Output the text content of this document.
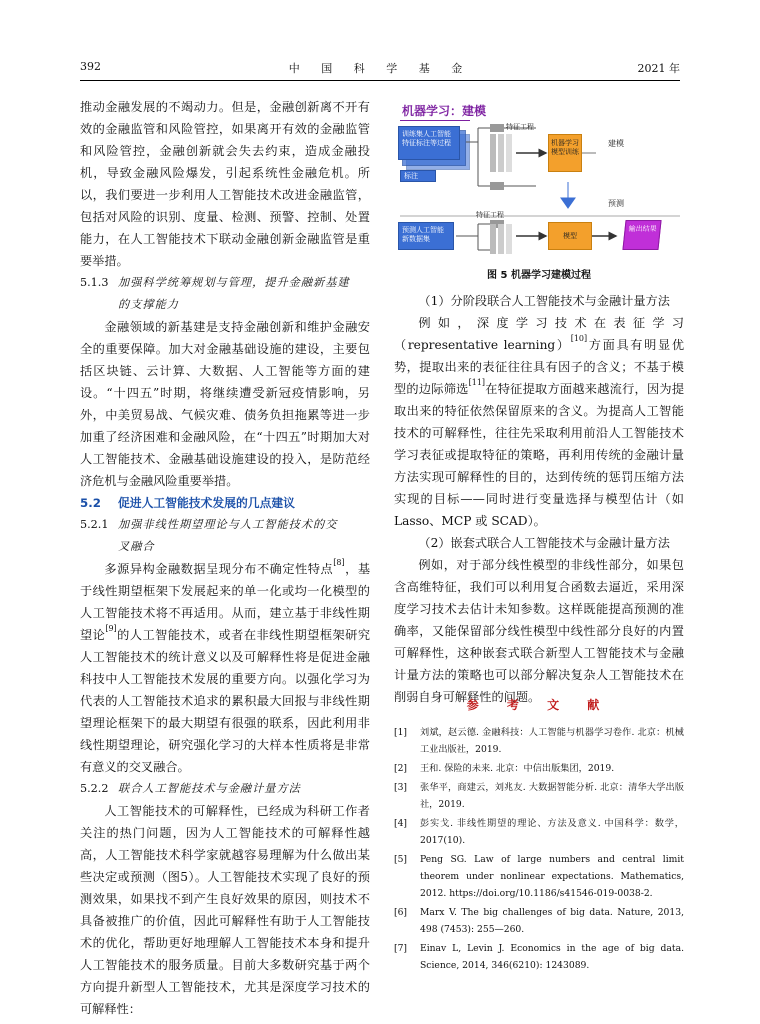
392	中 国 科 学 基 金	2021 年

推动金融发展的不竭动力。但是，金融创新离不开有效的金融监管和风险管控，如果离开有效的金融监管和风险管控，金融创新就会失去约束，造成金融投机，导致金融风险爆发，引起系统性金融危机。所以，我们要进一步利用人工智能技术改进金融监管，包括对风险的识别、度量、检测、预警、控制、处置能力，在人工智能技术下联动金融创新金融监管是重要举措。

5.1.3 加强科学统筹规划与管理，提升金融新基建
的支撑能力

金融领域的新基建是支持金融创新和维护金融安全的重要保障。加大对金融基础设施的建设，主要包括区块链、云计算、大数据、人工智能等方面的建设。“十四五”时期，将继续遭受新冠疫情影响，另外，中美贸易战、气候灾难、债务负担拖累等进一步加重了经济困难和金融风险，在“十四五”时期加大对人工智能技术、金融基础设施建设的投入，是防范经济危机与金融风险重要举措。

5.2 促进人工智能技术发展的几点建议
5.2.1 加强非线性期望理论与人工智能技术的交
叉融合

多源异构金融数据呈现分布不确定性特点[8]，基于线性期望框架下发展起来的单一化或均一化模型的人工智能技术将不再适用。从而，建立基于非线性期望论[9]的人工智能技术，或者在非线性期望框架研究人工智能技术的统计意义以及可解释性将是促进金融科技中人工智能技术发展的重要方向。以强化学习为代表的人工智能技术追求的累积最大回报与非线性期望理论框架下的最大期望有很强的联系，因此利用非线性期望理论，研究强化学习的大样本性质将是非常有意义的交叉融合。

5.2.2 联合人工智能技术与金融计量方法

人工智能技术的可解释性，已经成为科研工作者关注的热门问题，因为人工智能技术的可解释性越高，人工智能技术科学家就越容易理解为什么做出某些决定或预测（图5）。人工智能技术实现了良好的预测效果，如果找不到产生良好效果的原因，则技术不具备被推广的价值，因此可解释性有助于人工智能技术的优化，帮助更好地理解人工智能技术本身和提升人工智能技术的服务质量。目前大多数研究基于两个方向提升新型人工智能技术，尤其是深度学习技术的可解释性：

机器学习：建模
训练集人工智能特征标注等过程
标注
特征工程
机器学习模型训练
建模
预测
预测人工智能新数据集
特征工程
模型
输出结果
图 5 机器学习建模过程

（1）分阶段联合人工智能技术与金融计量方法

例如，深度学习技术在表征学习（representative learning）[10]方面具有明显优势，提取出来的表征往往具有因子的含义；不基于模型的边际筛选[11]在特征提取方面越来越流行，因为提取出来的特征依然保留原来的含义。为提高人工智能技术的可解释性，往往先采取利用前沿人工智能技术学习表征或提取特征的策略，再利用传统的金融计量方法实现可解释性的目的，达到传统的惩罚压缩方法实现的目标——同时进行变量选择与模型估计（如 Lasso、MCP 或 SCAD）。

（2）嵌套式联合人工智能技术与金融计量方法

例如，对于部分线性模型的非线性部分，如果包含高维特征，我们可以利用复合函数去逼近，采用深度学习技术去估计未知参数。这样既能提高预测的准确率，又能保留部分线性模型中线性部分良好的内置可解释性，这种嵌套式联合新型人工智能技术与金融计量方法的策略也可以部分解决复杂人工智能技术在削弱自身可解释性的问题。

参 考 文 献
[1]	刘斌，赵云德. 金融科技：人工智能与机器学习卷作. 北京：机械工业出版社，2019.
[2]	王和. 保险的未来. 北京：中信出版集团，2019.
[3]	张华平，商建云，刘兆友. 大数据智能分析. 北京：清华大学出版社，2019.
[4]	彭实戈. 非线性期望的理论、方法及意义. 中国科学：数学，2017(10).
[5]	Peng SG. Law of large numbers and central limit theorem under nonlinear expectations. Mathematics, 2012. https://doi.org/10.1186/s41546-019-0038-2.
[6]	Marx V. The big challenges of big data. Nature, 2013, 498 (7453): 255—260.
[7]	Einav L, Levin J. Economics in the age of big data. Science, 2014, 346(6210): 1243089.
